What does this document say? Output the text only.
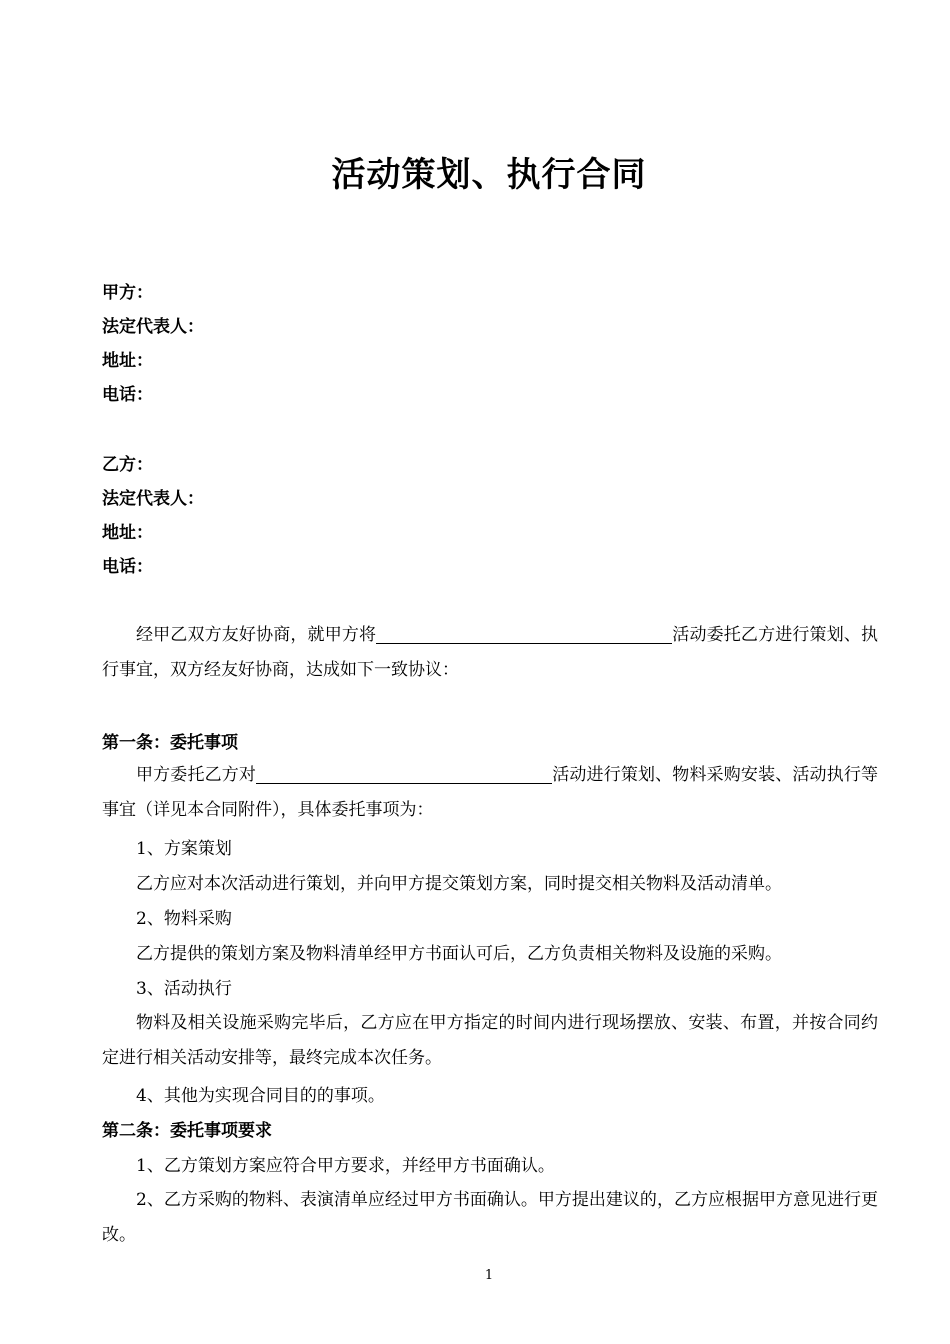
活动策划、执行合同
甲方：
法定代表人：
地址：
电话：
乙方：
法定代表人：
地址：
电话：
经甲乙双方友好协商，就甲方将	活动委托乙方进行策划、执行事宜，双方经友好协商，达成如下一致协议：
第一条：委托事项
甲方委托乙方对	活动进行策划、物料采购安装、活动执行等事宜（详见本合同附件），具体委托事项为：
1、方案策划
乙方应对本次活动进行策划，并向甲方提交策划方案，同时提交相关物料及活动清单。
2、物料采购
乙方提供的策划方案及物料清单经甲方书面认可后，乙方负责相关物料及设施的采购。
3、活动执行
物料及相关设施采购完毕后，乙方应在甲方指定的时间内进行现场摆放、安装、布置，并按合同约定进行相关活动安排等，最终完成本次任务。
4、其他为实现合同目的的事项。
第二条：委托事项要求
1、乙方策划方案应符合甲方要求，并经甲方书面确认。
2、乙方采购的物料、表演清单应经过甲方书面确认。甲方提出建议的，乙方应根据甲方意见进行更改。
1
